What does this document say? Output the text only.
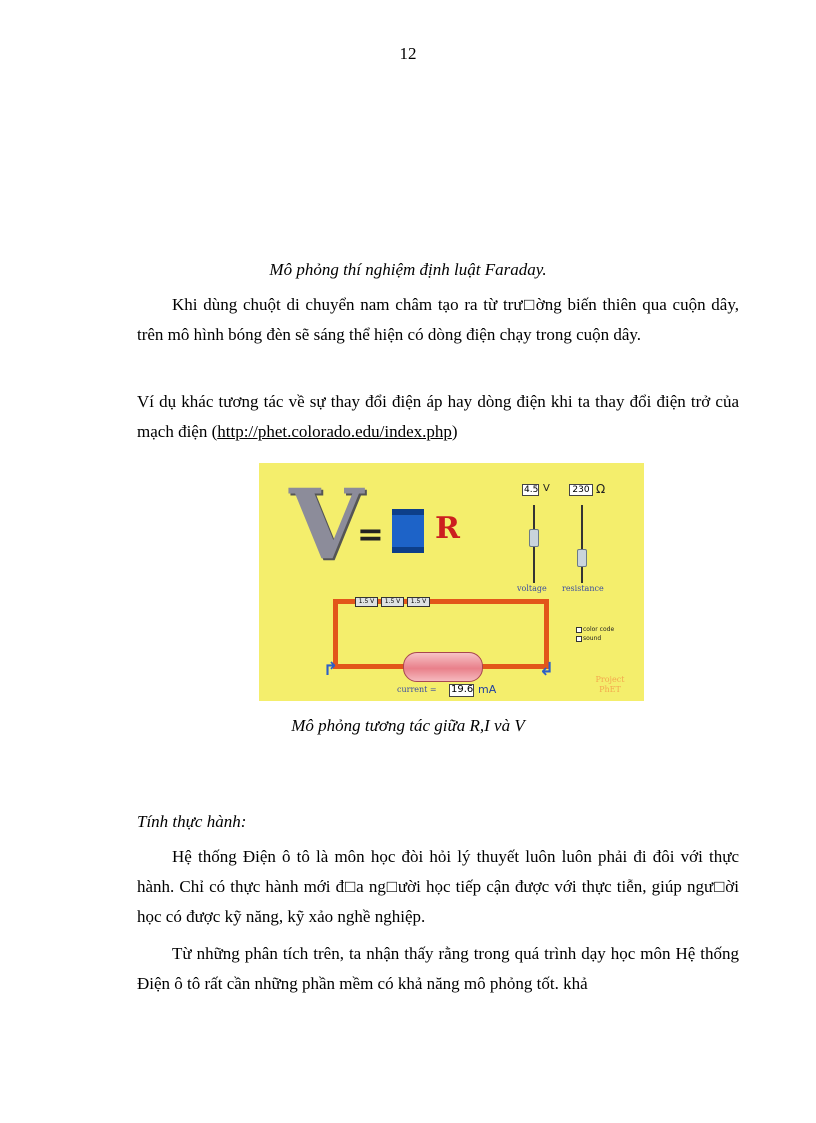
12
Mô phỏng thí nghiệm định luật Faraday.
Khi dùng chuột di chuyển nam châm tạo ra từ trư□ờng biến thiên qua cuộn dây, trên mô hình bóng đèn sẽ sáng thể hiện có dòng điện chạy trong cuộn dây.
Ví dụ khác tương tác về sự thay đổi điện áp hay dòng điện khi ta thay đổi điện trở của mạch điện (http://phet.colorado.edu/index.php)
V
= R
4.5 V
voltage
230 Ω
resistance
1.5 V	1.5 V	1.5 V
↱	↲
current = 19.6 mA
color code
sound
Project
PhET
Mô phỏng tương tác giữa R,I và V
Tính thực hành:
Hệ thống Điện ô tô là môn học đòi hỏi lý thuyết luôn luôn phải đi đôi với thực hành. Chỉ có thực hành mới đ□a ng□ười học tiếp cận được với thực tiễn, giúp ngư□ời học có được kỹ năng, kỹ xảo nghề nghiệp.
Từ những phân tích trên, ta nhận thấy rằng trong quá trình dạy học môn Hệ thống Điện ô tô rất cần những phần mềm có khả năng mô phỏng tốt. khả
